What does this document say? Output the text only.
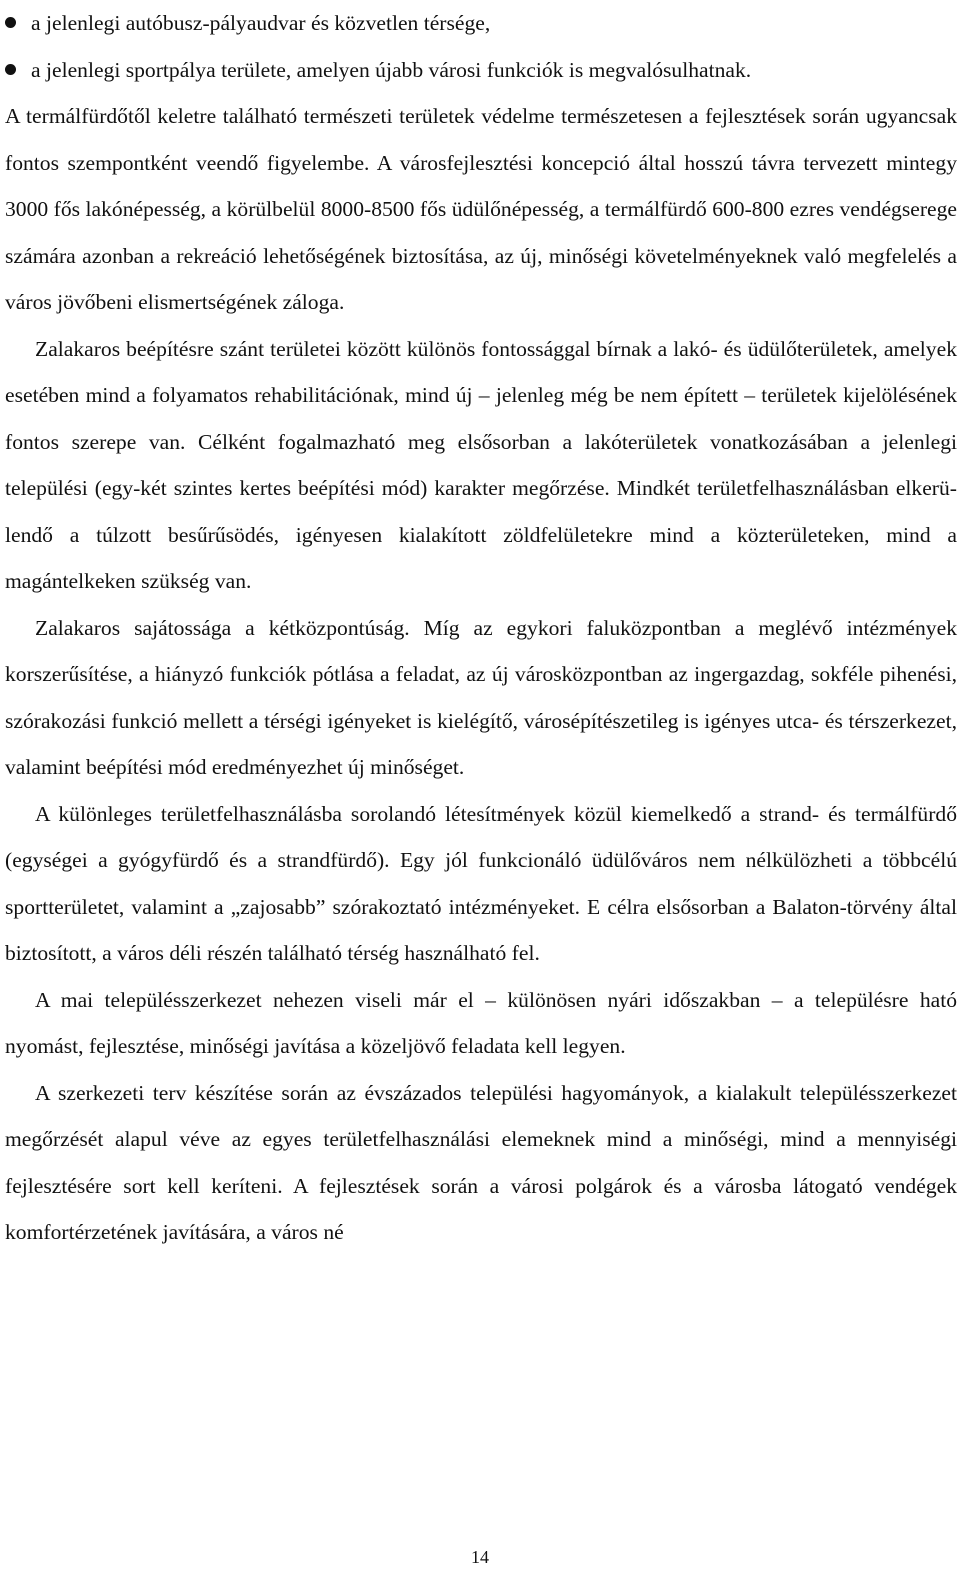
a jelenlegi autóbusz-pályaudvar és közvetlen térsége,
a jelenlegi sportpálya területe, amelyen újabb városi funkciók is megvalósulhatnak.

A termálfürdőtől keletre található természeti területek védelme természetesen a fejlesztések során ugyancsak fontos szempontként veendő figyelembe. A városfejlesztési koncepció által hosszú távra tervezett mintegy 3000 fős lakónépesség, a körülbelül 8000-8500 fős üdülőnépesség, a termálfürdő 600-800 ezres vendégserege számára azonban a rekreáció lehetőségének biztosítása, az új, minőségi követelményeknek való megfelelés a város jövőbeni elismertségének záloga.

Zalakaros beépítésre szánt területei között különös fontossággal bírnak a lakó- és üdülőterületek, amelyek esetében mind a folyamatos rehabilitációnak, mind új – jelenleg még be nem épített – területek kijelölésének fontos szerepe van. Célként fogalmazható meg elsősorban a lakóterületek vonatkozásában a jelenlegi települési (egy-két szintes kertes beépítési mód) karakter megőrzése. Mindkét területfelhasználásban elkerülendő a túlzott besűrűsödés, igényesen kialakított zöldfelületekre mind a közterületeken, mind a magántelkeken szükség van.

Zalakaros sajátossága a kétközpontúság. Míg az egykori faluközpontban a meglévő intézmények korszerűsítése, a hiányzó funkciók pótlása a feladat, az új városközpontban az ingergazdag, sokféle pihenési, szórakozási funkció mellett a térségi igényeket is kielégítő, városépítészetileg is igényes utca- és térszerkezet, valamint beépítési mód eredményezhet új minőséget.

A különleges területfelhasználásba sorolandó létesítmények közül kiemelkedő a strand- és termálfürdő (egységei a gyógyfürdő és a strandfürdő). Egy jól funkcionáló üdülőváros nem nélkülözheti a többcélú sportterületet, valamint a „zajosabb” szórakoztató intézményeket. E célra elsősorban a Balaton-törvény által biztosított, a város déli részén található térség használható fel.

A mai településszerkezet nehezen viseli már el – különösen nyári időszakban – a településre ható nyomást, fejlesztése, minőségi javítása a közeljövő feladata kell legyen.

A szerkezeti terv készítése során az évszázados települési hagyományok, a kialakult településszerkezet megőrzését alapul véve az egyes területfelhasználási elemeknek mind a minőségi, mind a mennyiségi fejlesztésére sort kell keríteni. A fejlesztések során a városi polgárok és a városba látogató vendégek komfortérzetének javítására, a város né

14
